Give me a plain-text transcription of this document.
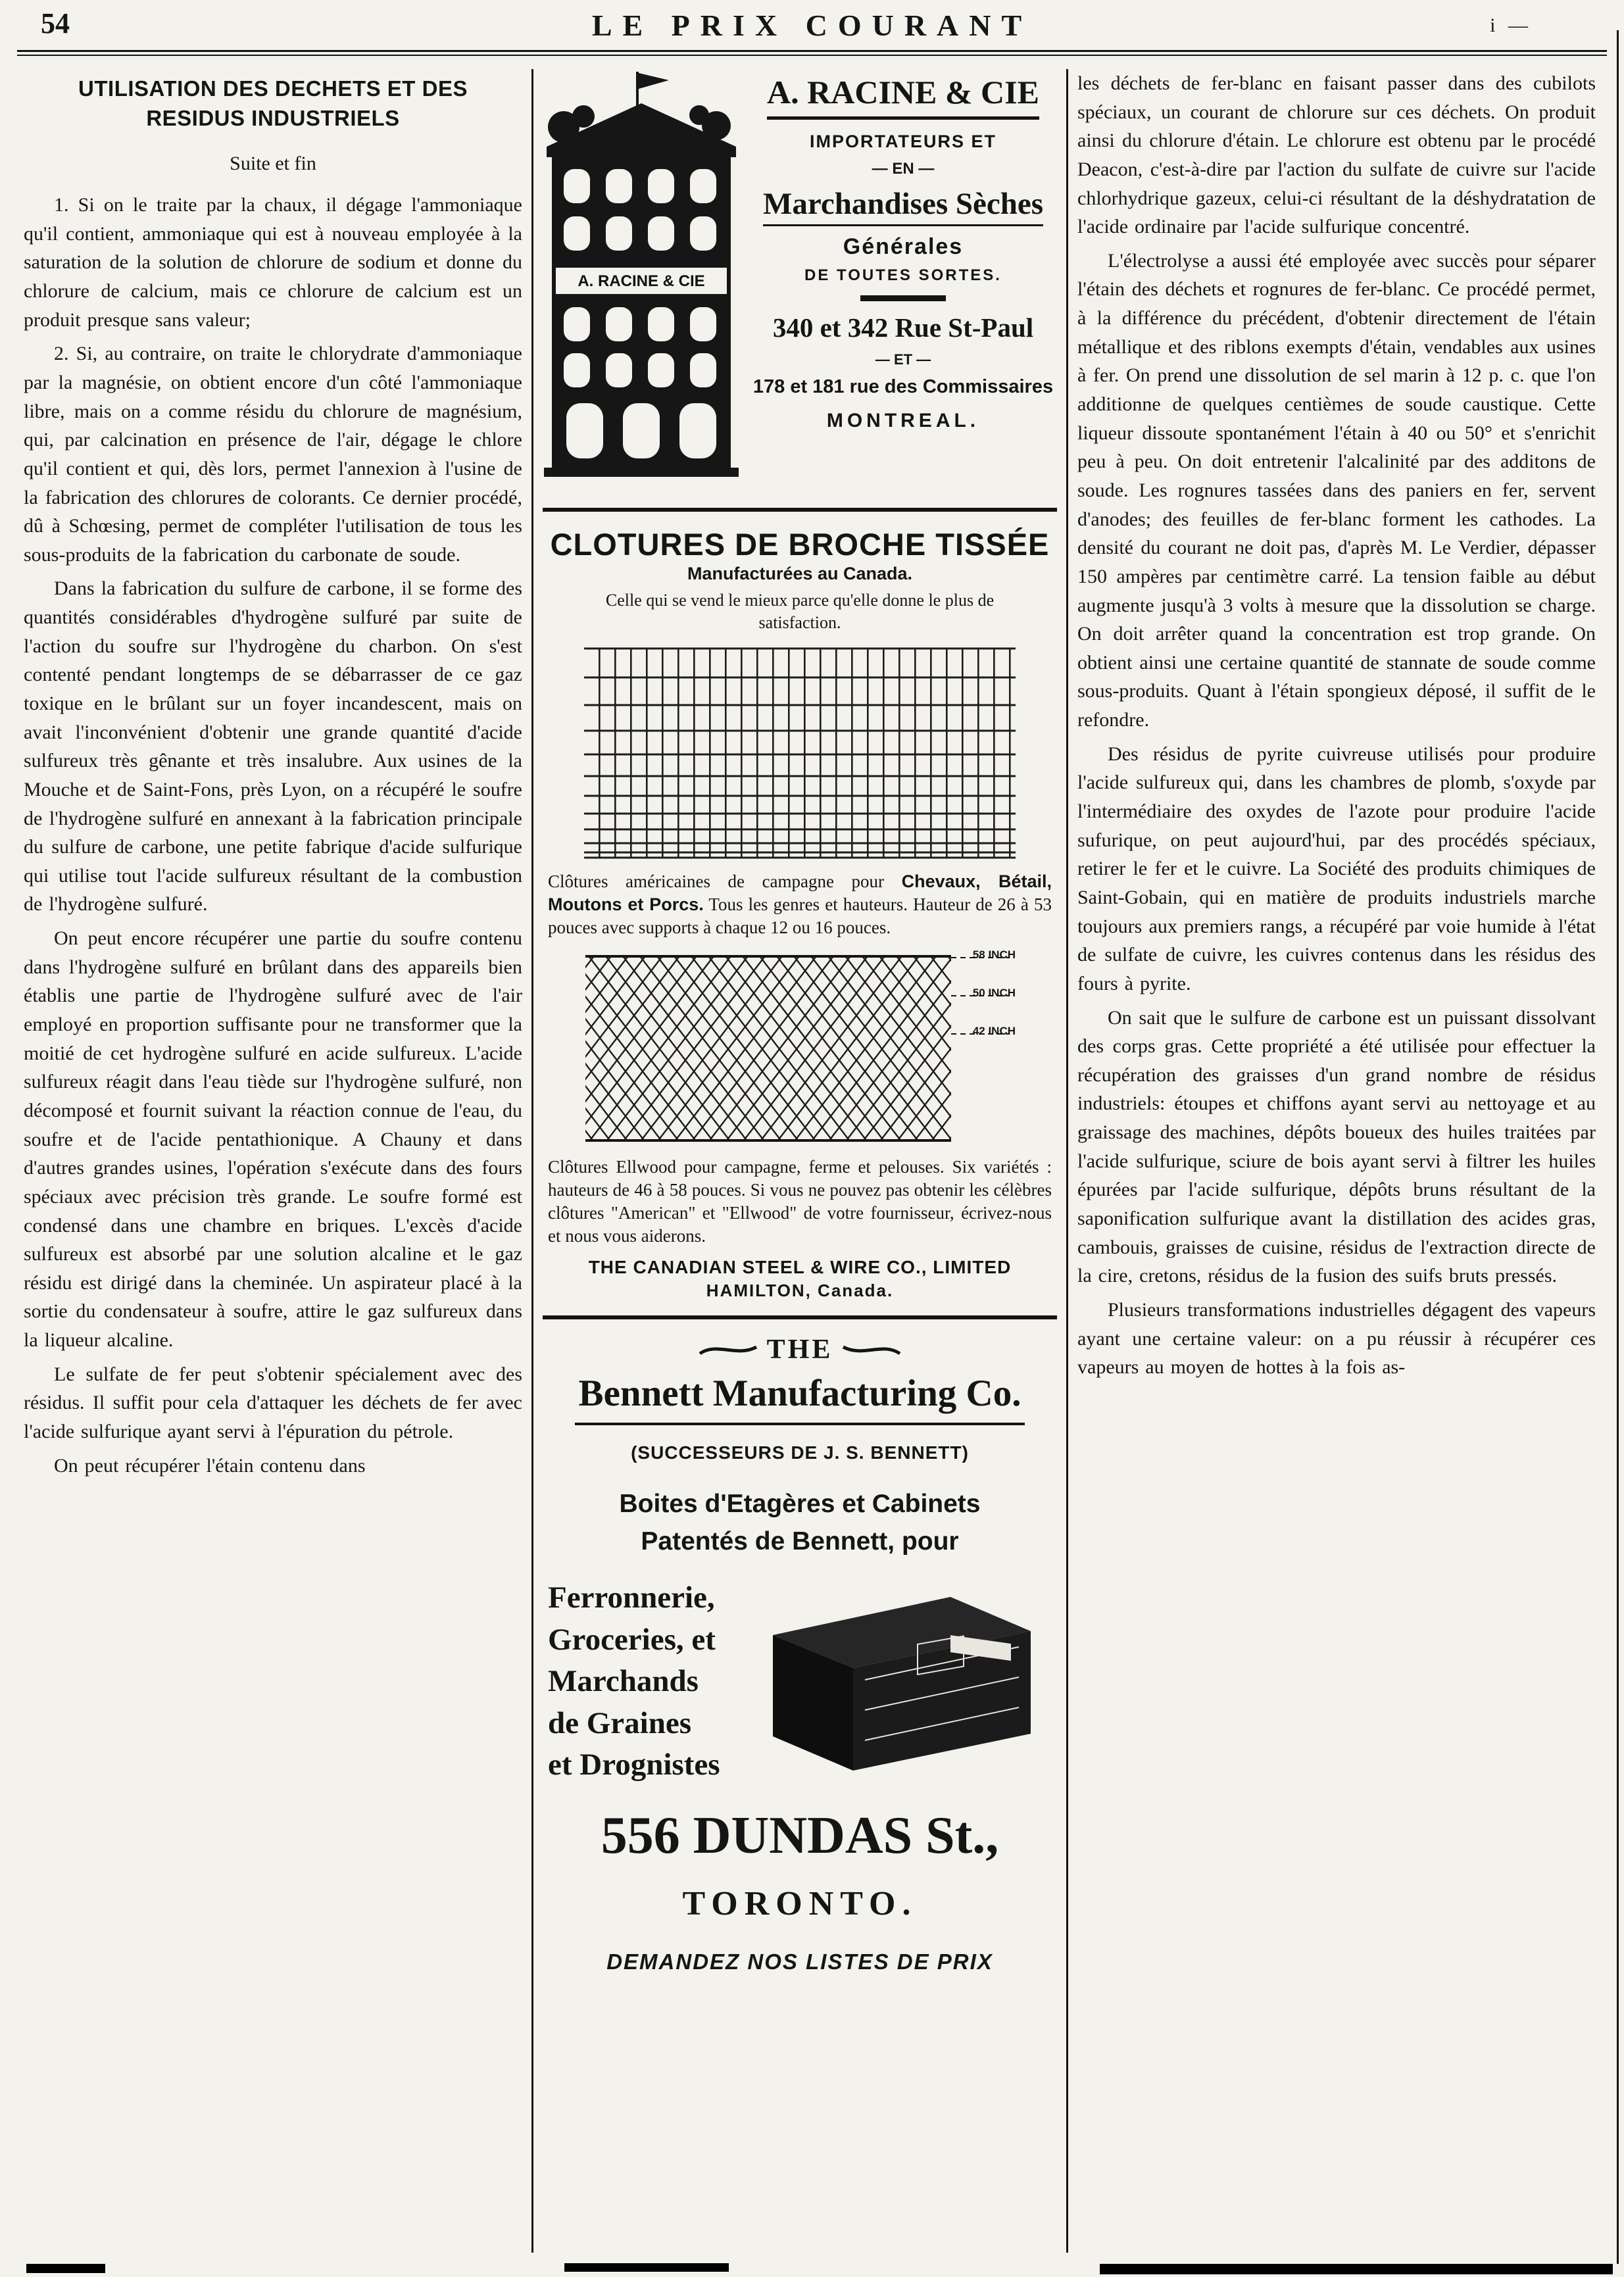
54	LE PRIX COURANT	i —
UTILISATION DES DECHETS ET DES
RESIDUS INDUSTRIELS
Suite et fin

1. Si on le traite par la chaux, il dégage l'ammoniaque qu'il contient, ammoniaque qui est à nouveau employée à la saturation de la solution de chlorure de sodium et donne du chlorure de calcium, mais ce chlorure de calcium est un produit presque sans valeur;

2. Si, au contraire, on traite le chlorydrate d'ammoniaque par la magnésie, on obtient encore d'un côté l'ammoniaque libre, mais on a comme résidu du chlorure de magnésium, qui, par calcination en présence de l'air, dégage le chlore qu'il contient et qui, dès lors, permet l'annexion à l'usine de la fabrication des chlorures de colorants. Ce dernier procédé, dû à Schœsing, permet de compléter l'utilisation de tous les sous-produits de la fabrication du carbonate de soude.

Dans la fabrication du sulfure de carbone, il se forme des quantités considérables d'hydrogène sulfuré par suite de l'action du soufre sur l'hydrogène du charbon. On s'est contenté pendant longtemps de se débarrasser de ce gaz toxique en le brûlant sur un foyer incandescent, mais on avait l'inconvénient d'obtenir une grande quantité d'acide sulfureux très gênante et très insalubre. Aux usines de la Mouche et de Saint-Fons, près Lyon, on a récupéré le soufre de l'hydrogène sulfuré en annexant à la fabrication principale du sulfure de carbone, une petite fabrique d'acide sulfurique qui utilise tout l'acide sulfureux résultant de la combustion de l'hydrogène sulfuré.

On peut encore récupérer une partie du soufre contenu dans l'hydrogène sulfuré en brûlant dans des appareils bien établis une partie de l'hydrogène sulfuré avec de l'air employé en proportion suffisante pour ne transformer que la moitié de cet hydrogène sulfuré en acide sulfureux. L'acide sulfureux réagit dans l'eau tiède sur l'hydrogène sulfuré, non décomposé et fournit suivant la réaction connue de l'eau, du soufre et de l'acide pentathionique. A Chauny et dans d'autres grandes usines, l'opération s'exécute dans des fours spéciaux avec précision très grande. Le soufre formé est condensé dans une chambre en briques. L'excès d'acide sulfureux est absorbé par une solution alcaline et le gaz résidu est dirigé dans la cheminée. Un aspirateur placé à la sortie du condensateur à soufre, attire le gaz sulfureux dans la liqueur alcaline.

Le sulfate de fer peut s'obtenir spécialement avec des résidus. Il suffit pour cela d'attaquer les déchets de fer avec l'acide sulfurique ayant servi à l'épuration du pétrole.

On peut récupérer l'étain contenu dans

A. RACINE & CIE
A. RACINE & CIE
IMPORTATEURS ET
— EN —
Marchandises Sèches
Générales
DE TOUTES SORTES.
340 et 342 Rue St-Paul
— ET —
178 et 181 rue des Commissaires
MONTREAL.
CLOTURES DE BROCHE TISSÉE
Manufacturées au Canada.
Celle qui se vend le mieux parce qu'elle donne le plus de satisfaction.
Clôtures américaines de campagne pour Chevaux, Bétail, Moutons et Porcs. Tous les genres et hauteurs. Hauteur de 26 à 53 pouces avec supports à chaque 12 ou 16 pouces.
58 INCH
50 INCH
42 INCH
Clôtures Ellwood pour campagne, ferme et pelouses. Six variétés : hauteurs de 46 à 58 pouces. Si vous ne pouvez pas obtenir les célèbres clôtures "American" et "Ellwood" de votre fournisseur, écrivez-nous et nous vous aiderons.
THE CANADIAN STEEL & WIRE CO., LIMITED
HAMILTON, Canada.
THE
Bennett Manufacturing Co.
(SUCCESSEURS DE J. S. BENNETT)
Boites d'Etagères et Cabinets
Patentés de Bennett, pour
Ferronnerie,
Groceries, et
Marchands
de Graines
et Drognistes
556 DUNDAS St.,
TORONTO.
DEMANDEZ NOS LISTES DE PRIX

les déchets de fer-blanc en faisant passer dans des cubilots spéciaux, un courant de chlorure sur ces déchets. On produit ainsi du chlorure d'étain. Le chlorure est obtenu par le procédé Deacon, c'est-à-dire par l'action du sulfate de cuivre sur l'acide chlorhydrique gazeux, celui-ci résultant de la déshydratation de l'acide ordinaire par l'acide sulfurique concentré.

L'électrolyse a aussi été employée avec succès pour séparer l'étain des déchets et rognures de fer-blanc. Ce procédé permet, à la différence du précédent, d'obtenir directement de l'étain métallique et des riblons exempts d'étain, vendables aux usines à fer. On prend une dissolution de sel marin à 12 p. c. que l'on additionne de quelques centièmes de soude caustique. Cette liqueur dissoute spontanément l'étain à 40 ou 50° et s'enrichit peu à peu. On doit entretenir l'alcalinité par des additons de soude. Les rognures tassées dans des paniers en fer, servent d'anodes; des feuilles de fer-blanc forment les cathodes. La densité du courant ne doit pas, d'après M. Le Verdier, dépasser 150 ampères par centimètre carré. La tension faible au début augmente jusqu'à 3 volts à mesure que la dissolution se charge. On doit arrêter quand la concentration est trop grande. On obtient ainsi une certaine quantité de stannate de soude comme sous-produits. Quant à l'étain spongieux déposé, il suffit de le refondre.

Des résidus de pyrite cuivreuse utilisés pour produire l'acide sulfureux qui, dans les chambres de plomb, s'oxyde par l'intermédiaire des oxydes de l'azote pour produire l'acide sufurique, on peut aujourd'hui, par des procédés spéciaux, retirer le fer et le cuivre. La Société des produits chimiques de Saint-Gobain, qui en matière de produits industriels marche toujours aux premiers rangs, a récupéré par voie humide à l'état de sulfate de cuivre, les cuivres contenus dans les résidus des fours à pyrite.

On sait que le sulfure de carbone est un puissant dissolvant des corps gras. Cette propriété a été utilisée pour effectuer la récupération des graisses d'un grand nombre de résidus industriels: étoupes et chiffons ayant servi au nettoyage et au graissage des machines, dépôts boueux des huiles traitées par l'acide sulfurique, sciure de bois ayant servi à filtrer les huiles épurées par l'acide sulfurique, dépôts bruns résultant de la saponification sulfurique avant la distillation des acides gras, cambouis, graisses de cuisine, résidus de l'extraction directe de la cire, cretons, résidus de la fusion des suifs bruts pressés.

Plusieurs transformations industrielles dégagent des vapeurs ayant une certaine valeur: on a pu réussir à récupérer ces vapeurs au moyen de hottes à la fois as-
